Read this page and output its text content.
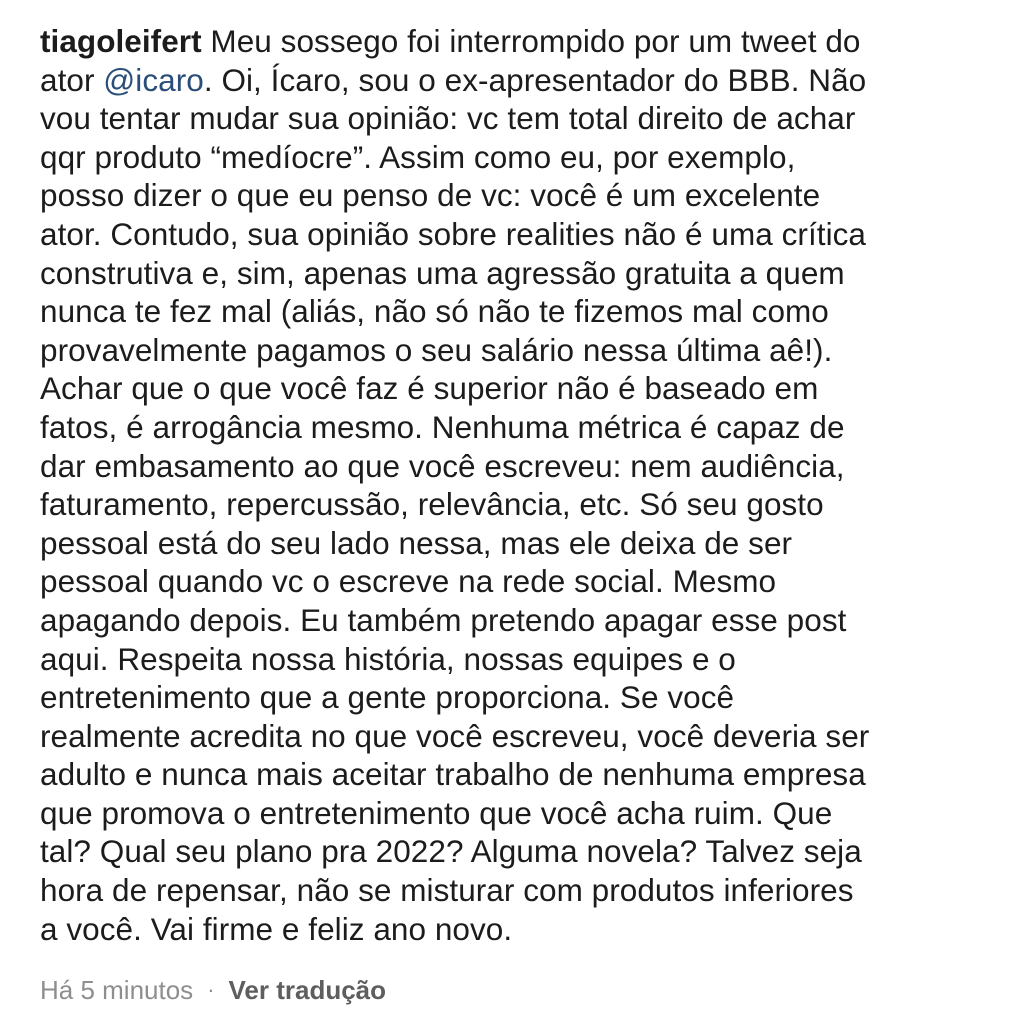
tiagoleifert Meu sossego foi interrompido por um tweet do
ator @icaro. Oi, Ícaro, sou o ex-apresentador do BBB. Não
vou tentar mudar sua opinião: vc tem total direito de achar
qqr produto “medíocre”. Assim como eu, por exemplo,
posso dizer o que eu penso de vc: você é um excelente
ator. Contudo, sua opinião sobre realities não é uma crítica
construtiva e, sim, apenas uma agressão gratuita a quem
nunca te fez mal (aliás, não só não te fizemos mal como
provavelmente pagamos o seu salário nessa última aê!).
Achar que o que você faz é superior não é baseado em
fatos, é arrogância mesmo. Nenhuma métrica é capaz de
dar embasamento ao que você escreveu: nem audiência,
faturamento, repercussão, relevância, etc. Só seu gosto
pessoal está do seu lado nessa, mas ele deixa de ser
pessoal quando vc o escreve na rede social. Mesmo
apagando depois. Eu também pretendo apagar esse post
aqui. Respeita nossa história, nossas equipes e o
entretenimento que a gente proporciona. Se você
realmente acredita no que você escreveu, você deveria ser
adulto e nunca mais aceitar trabalho de nenhuma empresa
que promova o entretenimento que você acha ruim. Que
tal? Qual seu plano pra 2022? Alguma novela? Talvez seja
hora de repensar, não se misturar com produtos inferiores
a você. Vai firme e feliz ano novo.
Há 5 minutos · Ver tradução
